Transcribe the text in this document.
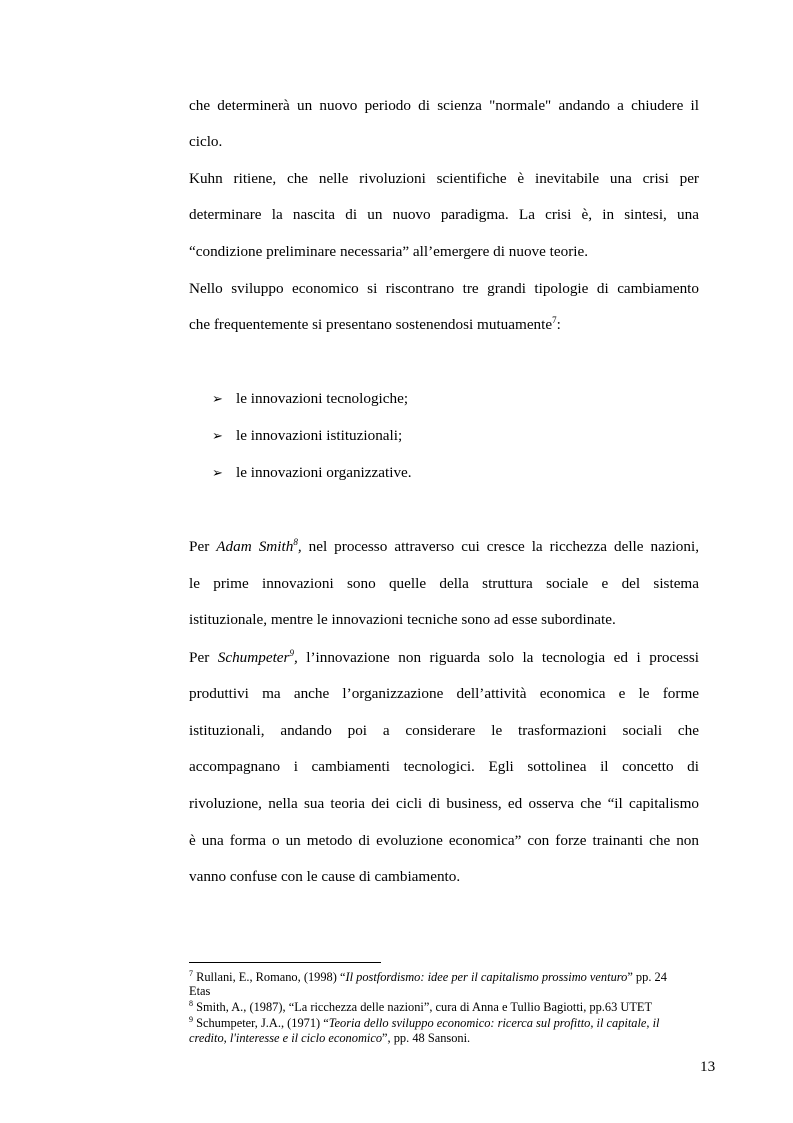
che determinerà un nuovo periodo di scienza "normale" andando a chiudere il
ciclo.
Kuhn ritiene, che nelle rivoluzioni scientifiche è inevitabile una crisi per
determinare la nascita di un nuovo paradigma. La crisi è, in sintesi, una
“condizione preliminare necessaria” all’emergere di nuove teorie.
Nello sviluppo economico si riscontrano tre grandi tipologie di cambiamento
che frequentemente si presentano sostenendosi mutuamente$^7$:
➢ le innovazioni tecnologiche;
➢ le innovazioni istituzionali;
➢ le innovazioni organizzative.
Per Adam Smith$^8$, nel processo attraverso cui cresce la ricchezza delle nazioni,
le prime innovazioni sono quelle della struttura sociale e del sistema
istituzionale, mentre le innovazioni tecniche sono ad esse subordinate.
Per Schumpeter$^9$, l’innovazione non riguarda solo la tecnologia ed i processi
produttivi ma anche l’organizzazione dell’attività economica e le forme
istituzionali, andando poi a considerare le trasformazioni sociali che
accompagnano i cambiamenti tecnologici. Egli sottolinea il concetto di
rivoluzione, nella sua teoria dei cicli di business, ed osserva che “il capitalismo
è una forma o un metodo di evoluzione economica” con forze trainanti che non
vanno confuse con le cause di cambiamento.
$^7$ Rullani, E., Romano, (1998) “Il postfordismo: idee per il capitalismo prossimo venturo” pp. 24
Etas
$^8$ Smith, A., (1987), “La ricchezza delle nazioni”, cura di Anna e Tullio Bagiotti, pp.63 UTET
$^9$ Schumpeter, J.A., (1971) “Teoria dello sviluppo economico: ricerca sul profitto, il capitale, il
credito, l'interesse e il ciclo economico”, pp. 48 Sansoni.
13
